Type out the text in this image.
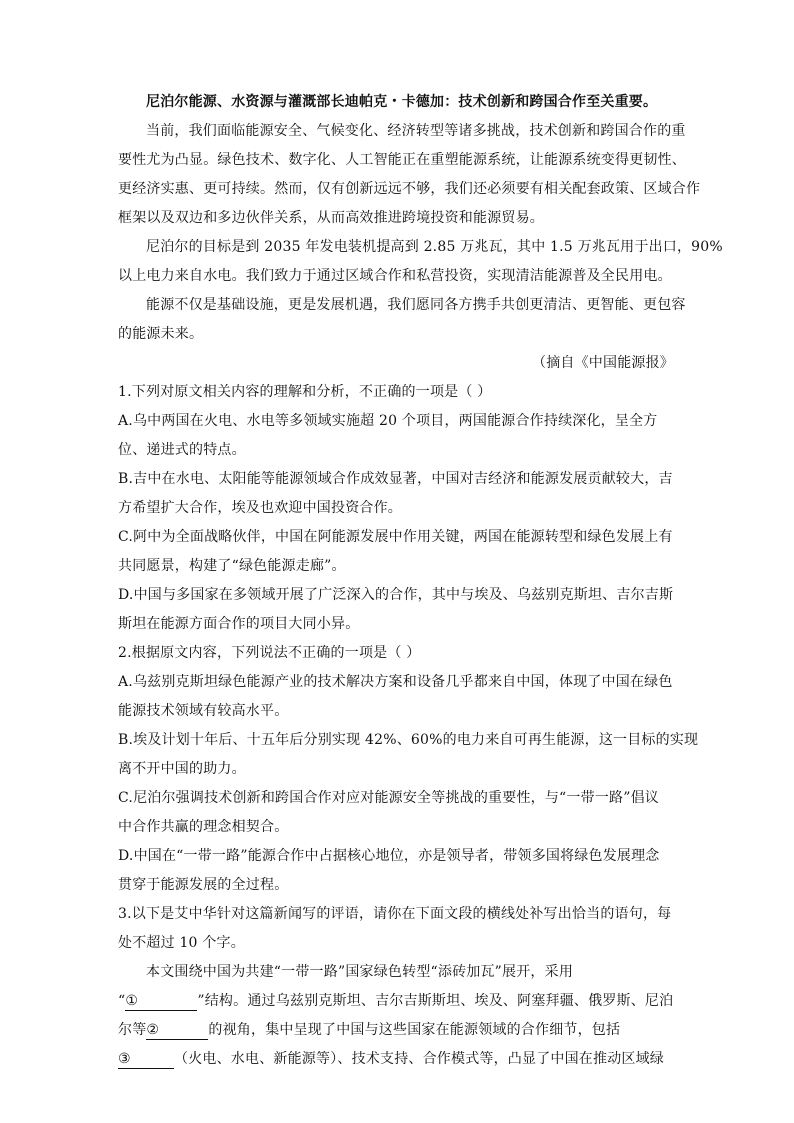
尼泊尔能源、水资源与灌溉部长迪帕克・卡德加：技术创新和跨国合作至关重要。
当前，我们面临能源安全、气候变化、经济转型等诸多挑战，技术创新和跨国合作的重
要性尤为凸显。绿色技术、数字化、人工智能正在重塑能源系统，让能源系统变得更韧性、
更经济实惠、更可持续。然而，仅有创新远远不够，我们还必须要有相关配套政策、区域合作
框架以及双边和多边伙伴关系，从而高效推进跨境投资和能源贸易。
尼泊尔的目标是到 2035 年发电装机提高到 2.85 万兆瓦，其中 1.5 万兆瓦用于出口，90%
以上电力来自水电。我们致力于通过区域合作和私营投资，实现清洁能源普及全民用电。
能源不仅是基础设施，更是发展机遇，我们愿同各方携手共创更清洁、更智能、更包容
的能源未来。
（摘自《中国能源报》
1.下列对原文相关内容的理解和分析，不正确的一项是（ ）
A.乌中两国在火电、水电等多领域实施超 20 个项目，两国能源合作持续深化，呈全方
位、递进式的特点。
B.吉中在水电、太阳能等能源领域合作成效显著，中国对吉经济和能源发展贡献较大，吉
方希望扩大合作，埃及也欢迎中国投资合作。
C.阿中为全面战略伙伴，中国在阿能源发展中作用关键，两国在能源转型和绿色发展上有
共同愿景，构建了“绿色能源走廊”。
D.中国与多国家在多领域开展了广泛深入的合作，其中与埃及、乌兹别克斯坦、吉尔吉斯
斯坦在能源方面合作的项目大同小异。
2.根据原文内容，下列说法不正确的一项是（ ）
A.乌兹别克斯坦绿色能源产业的技术解决方案和设备几乎都来自中国，体现了中国在绿色
能源技术领域有较高水平。
B.埃及计划十年后、十五年后分别实现 42%、60%的电力来自可再生能源，这一目标的实现
离不开中国的助力。
C.尼泊尔强调技术创新和跨国合作对应对能源安全等挑战的重要性，与“一带一路”倡议
中合作共赢的理念相契合。
D.中国在“一带一路”能源合作中占据核心地位，亦是领导者，带领多国将绿色发展理念
贯穿于能源发展的全过程。
3.以下是艾中华针对这篇新闻写的评语，请你在下面文段的横线处补写出恰当的语句，每
处不超过 10 个字。
本文围绕中国为共建“一带一路”国家绿色转型“添砖加瓦”展开，采用
“①	”结构。通过乌兹别克斯坦、吉尔吉斯斯坦、埃及、阿塞拜疆、俄罗斯、尼泊
尔等②	的视角，集中呈现了中国与这些国家在能源领域的合作细节，包括
③	（火电、水电、新能源等）、技术支持、合作模式等，凸显了中国在推动区域绿
